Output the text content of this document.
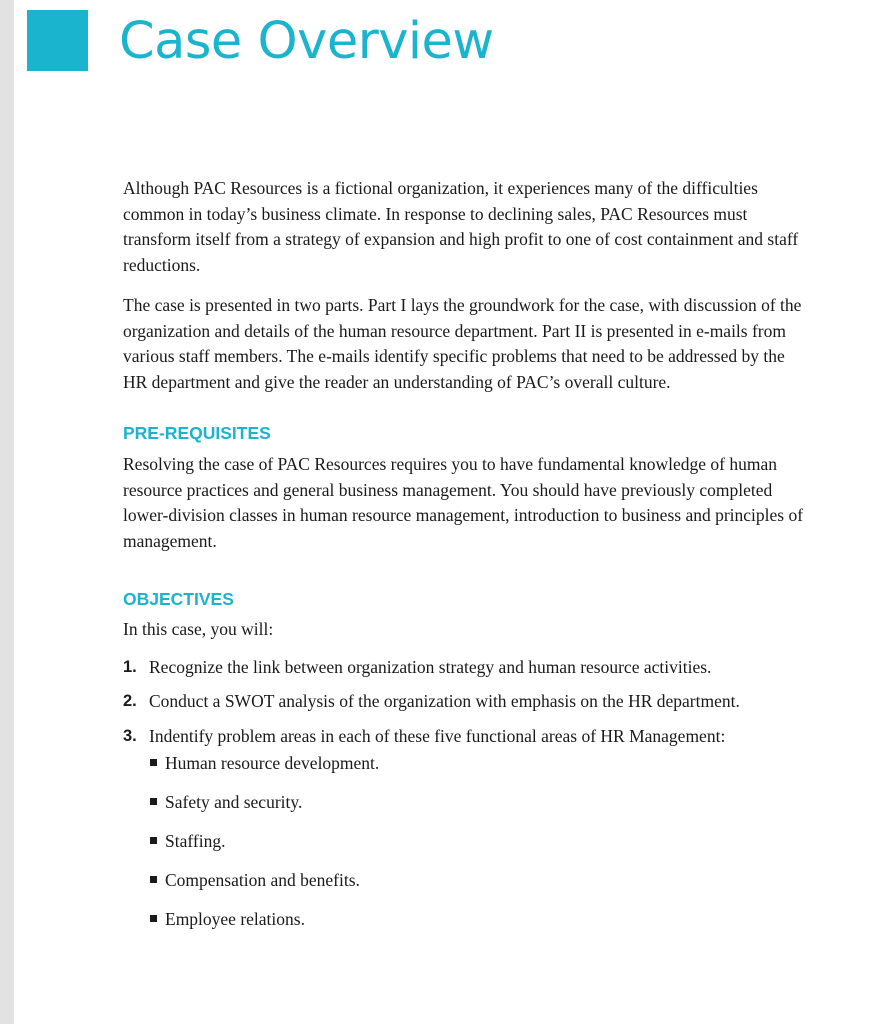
Case Overview

Although PAC Resources is a fictional organization, it experiences many of the difficulties common in today’s business climate. In response to declining sales, PAC Resources must transform itself from a strategy of expansion and high profit to one of cost containment and staff reductions.

The case is presented in two parts. Part I lays the groundwork for the case, with discussion of the organization and details of the human resource department. Part II is presented in e-mails from various staff members. The e-mails identify specific problems that need to be addressed by the HR department and give the reader an understanding of PAC’s overall culture.

PRE-REQUISITES

Resolving the case of PAC Resources requires you to have fundamental knowledge of human resource practices and general business management. You should have previously completed lower-division classes in human resource management, introduction to business and principles of management.

OBJECTIVES

In this case, you will:

1. Recognize the link between organization strategy and human resource activities.
2. Conduct a SWOT analysis of the organization with emphasis on the HR department.
3. Indentify problem areas in each of these five functional areas of HR Management:
Human resource development.
Safety and security.
Staffing.
Compensation and benefits.
Employee relations.
